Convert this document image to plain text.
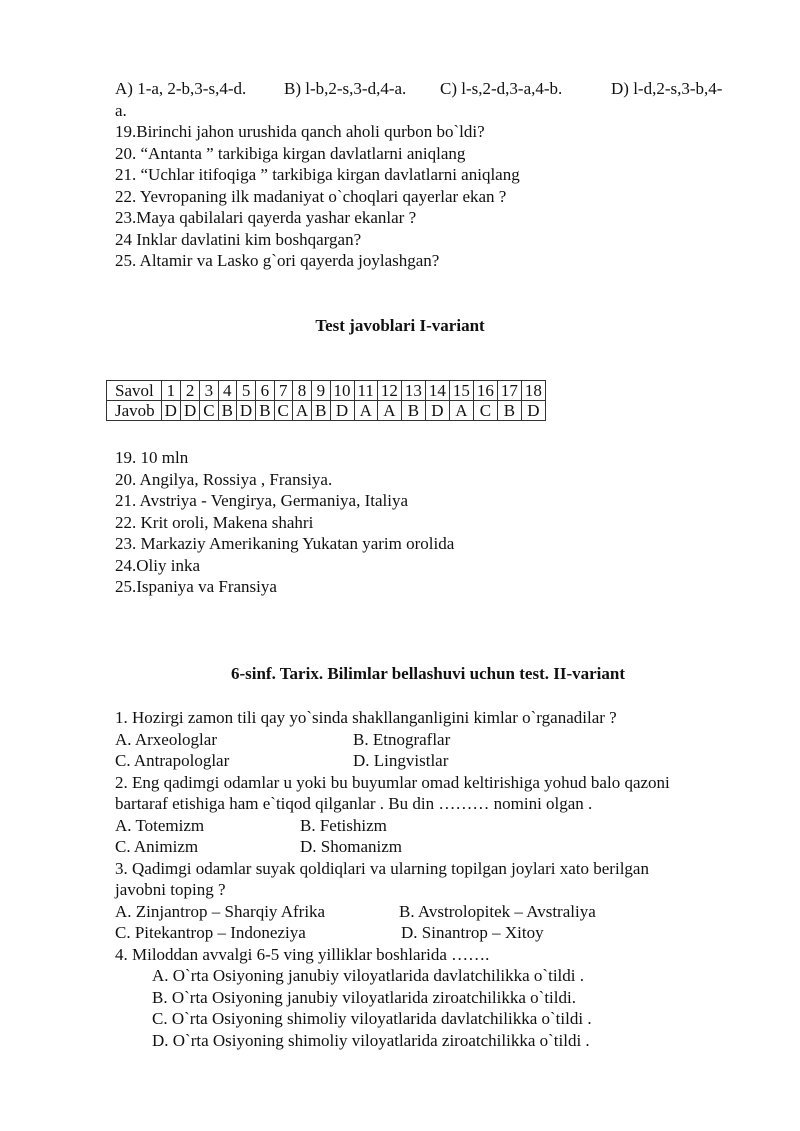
A) 1-a, 2-b,3-s,4-d. B) l-b,2-s,3-d,4-a. C) l-s,2-d,3-a,4-b.	D) l-d,2-s,3-b,4-
a.
19.Birinchi jahon urushida qanch aholi qurbon bo`ldi?
20. “Antanta ” tarkibiga kirgan davlatlarni aniqlang
21. “Uchlar itifoqiga ” tarkibiga kirgan davlatlarni aniqlang
22. Yevropaning ilk madaniyat o`choqlari qayerlar ekan ?
23.Maya qabilalari qayerda yashar ekanlar ?
24 Inklar davlatini kim boshqargan?
25. Altamir va Lasko g`ori qayerda joylashgan?
Test javoblari I-variant
Savol	1	2	3	4	5	6	7	8	9	10	11	12	13	14	15	16	17	18
Javob	D	D	C	B	D	B	C	A	B	D	A	A	B	D	A	C	B	D
19. 10 mln
20. Angilya, Rossiya , Fransiya.
21. Avstriya - Vengirya, Germaniya, Italiya
22. Krit oroli, Makena shahri
23. Markaziy Amerikaning Yukatan yarim orolida
24.Oliy inka
25.Ispaniya va Fransiya
6-sinf. Tarix. Bilimlar bellashuvi uchun test. II-variant
1. Hozirgi zamon tili qay yo`sinda shakllanganligini kimlar o`rganadilar ?
A. Arxeologlar	B. Etnograflar
C. Antrapologlar	D. Lingvistlar
2. Eng qadimgi odamlar u yoki bu buyumlar omad keltirishiga yohud balo qazoni
bartaraf etishiga ham e`tiqod qilganlar . Bu din ……… nomini olgan .
A. Totemizm	B. Fetishizm
C. Animizm	D. Shomanizm
3. Qadimgi odamlar suyak qoldiqlari va ularning topilgan joylari xato berilgan
javobni toping ?
A. Zinjantrop – Sharqiy Afrika	B. Avstrolopitek – Avstraliya
C. Pitekantrop – Indoneziya	D. Sinantrop – Xitoy
4. Miloddan avvalgi 6-5 ving yilliklar boshlarida …….
A. O`rta Osiyoning janubiy viloyatlarida davlatchilikka o`tildi .
B. O`rta Osiyoning janubiy viloyatlarida ziroatchilikka o`tildi.
C. O`rta Osiyoning shimoliy viloyatlarida davlatchilikka o`tildi .
D. O`rta Osiyoning shimoliy viloyatlarida ziroatchilikka o`tildi .
